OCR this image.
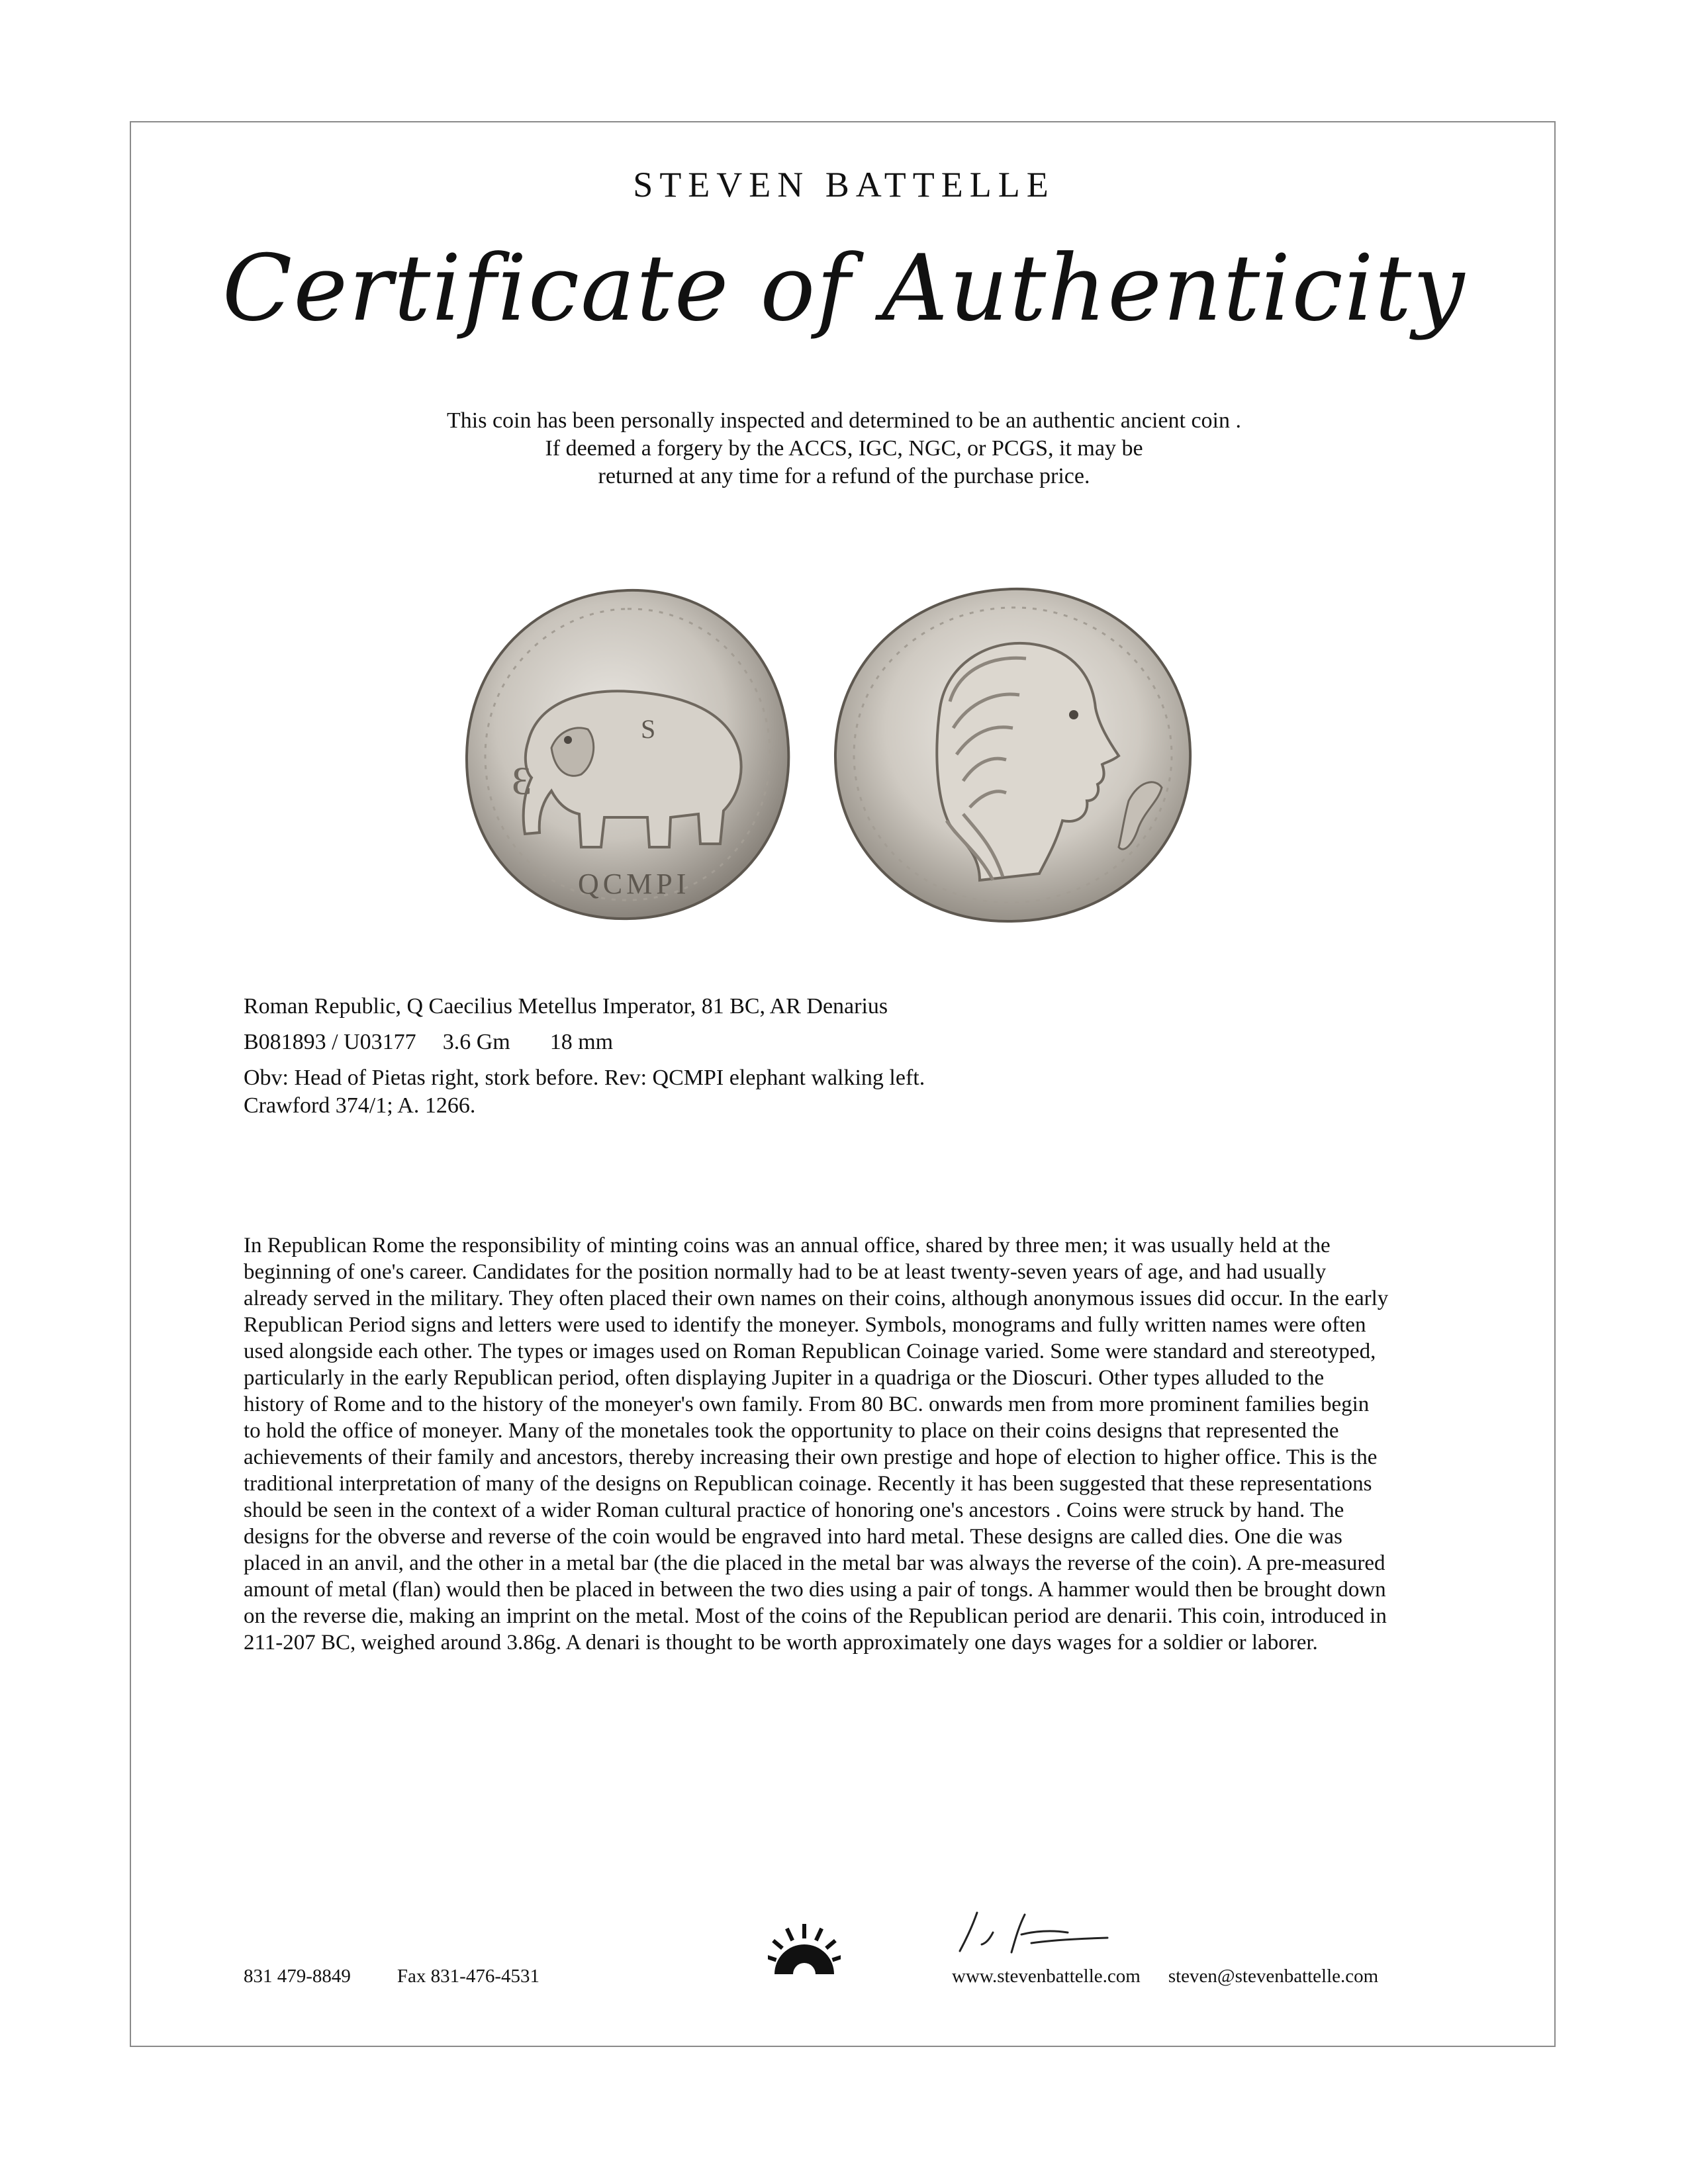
STEVEN BATTELLE
Certificate of Authenticity
This coin has been personally inspected and determined to be an authentic ancient coin .
If deemed a forgery by the ACCS, IGC, NGC, or PCGS, it may be
returned at any time for a refund of the purchase price.
S
Ɛ
QCMPI
Roman Republic, Q Caecilius Metellus Imperator, 81 BC, AR Denarius
B081893 / U03177 3.6 Gm 18 mm
Obv: Head of Pietas right, stork before. Rev: QCMPI elephant walking left.
Crawford 374/1; A. 1266.
In Republican Rome the responsibility of minting coins was an annual office, shared by three men; it was usually held at the beginning of one's career. Candidates for the position normally had to be at least twenty-seven years of age, and had usually already served in the military. They often placed their own names on their coins, although anonymous issues did occur. In the early Republican Period signs and letters were used to identify the moneyer. Symbols, monograms and fully written names were often used alongside each other. The types or images used on Roman Republican Coinage varied. Some were standard and stereotyped, particularly in the early Republican period, often displaying Jupiter in a quadriga or the Dioscuri. Other types alluded to the history of Rome and to the history of the moneyer's own family. From 80 BC. onwards men from more prominent families begin to hold the office of moneyer. Many of the monetales took the opportunity to place on their coins designs that represented the achievements of their family and ancestors, thereby increasing their own prestige and hope of election to higher office. This is the traditional interpretation of many of the designs on Republican coinage. Recently it has been suggested that these representations should be seen in the context of a wider Roman cultural practice of honoring one's ancestors . Coins were struck by hand. The designs for the obverse and reverse of the coin would be engraved into hard metal. These designs are called dies. One die was placed in an anvil, and the other in a metal bar (the die placed in the metal bar was always the reverse of the coin). A pre-measured amount of metal (flan) would then be placed in between the two dies using a pair of tongs. A hammer would then be brought down on the reverse die, making an imprint on the metal. Most of the coins of the Republican period are denarii. This coin, introduced in 211-207 BC, weighed around 3.86g. A denari is thought to be worth approximately one days wages for a soldier or laborer.
831 479-8849 Fax 831-476-4531	www.stevenbattelle.com steven@stevenbattelle.com
